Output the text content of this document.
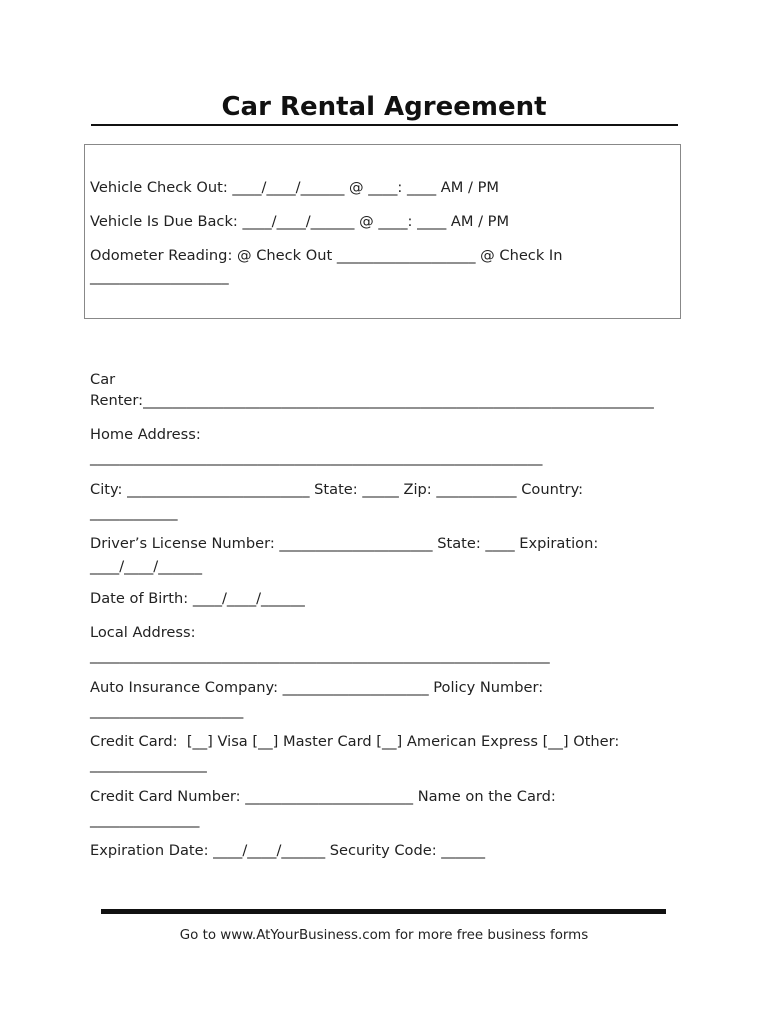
Car Rental Agreement
Vehicle Check Out: ____/____/______ @ ____: ____ AM / PM
Vehicle Is Due Back: ____/____/______ @ ____: ____ AM / PM
Odometer Reading: @ Check Out ___________________ @ Check In
___________________
Car
Renter:______________________________________________________________________
Home Address:
______________________________________________________________
City: _________________________ State: _____ Zip: ___________ Country:
____________
Driver’s License Number: _____________________ State: ____ Expiration:
____/____/______
Date of Birth: ____/____/______
Local Address:
_______________________________________________________________
Auto Insurance Company: ____________________ Policy Number:
_____________________
Credit Card:  [__] Visa [__] Master Card [__] American Express [__] Other:
________________
Credit Card Number: _______________________ Name on the Card:
_______________
Expiration Date: ____/____/______ Security Code: ______
Go to www.AtYourBusiness.com for more free business forms
